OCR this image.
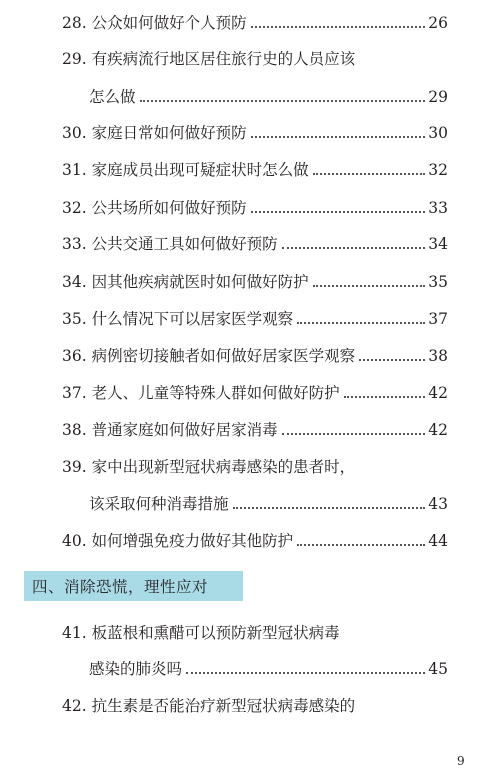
28. 公众如何做好个人预防	26
29. 有疾病流行地区居住旅行史的人员应该
怎么做	29
30. 家庭日常如何做好预防	30
31. 家庭成员出现可疑症状时怎么做	32
32. 公共场所如何做好预防	33
33. 公共交通工具如何做好预防	34
34. 因其他疾病就医时如何做好防护	35
35. 什么情况下可以居家医学观察	37
36. 病例密切接触者如何做好居家医学观察	38
37. 老人、儿童等特殊人群如何做好防护	42
38. 普通家庭如何做好居家消毒	42
39. 家中出现新型冠状病毒感染的患者时，
该采取何种消毒措施	43
40. 如何增强免疫力做好其他防护	44
四、消除恐慌，理性应对
41. 板蓝根和熏醋可以预防新型冠状病毒
感染的肺炎吗	45
42. 抗生素是否能治疗新型冠状病毒感染的
9
